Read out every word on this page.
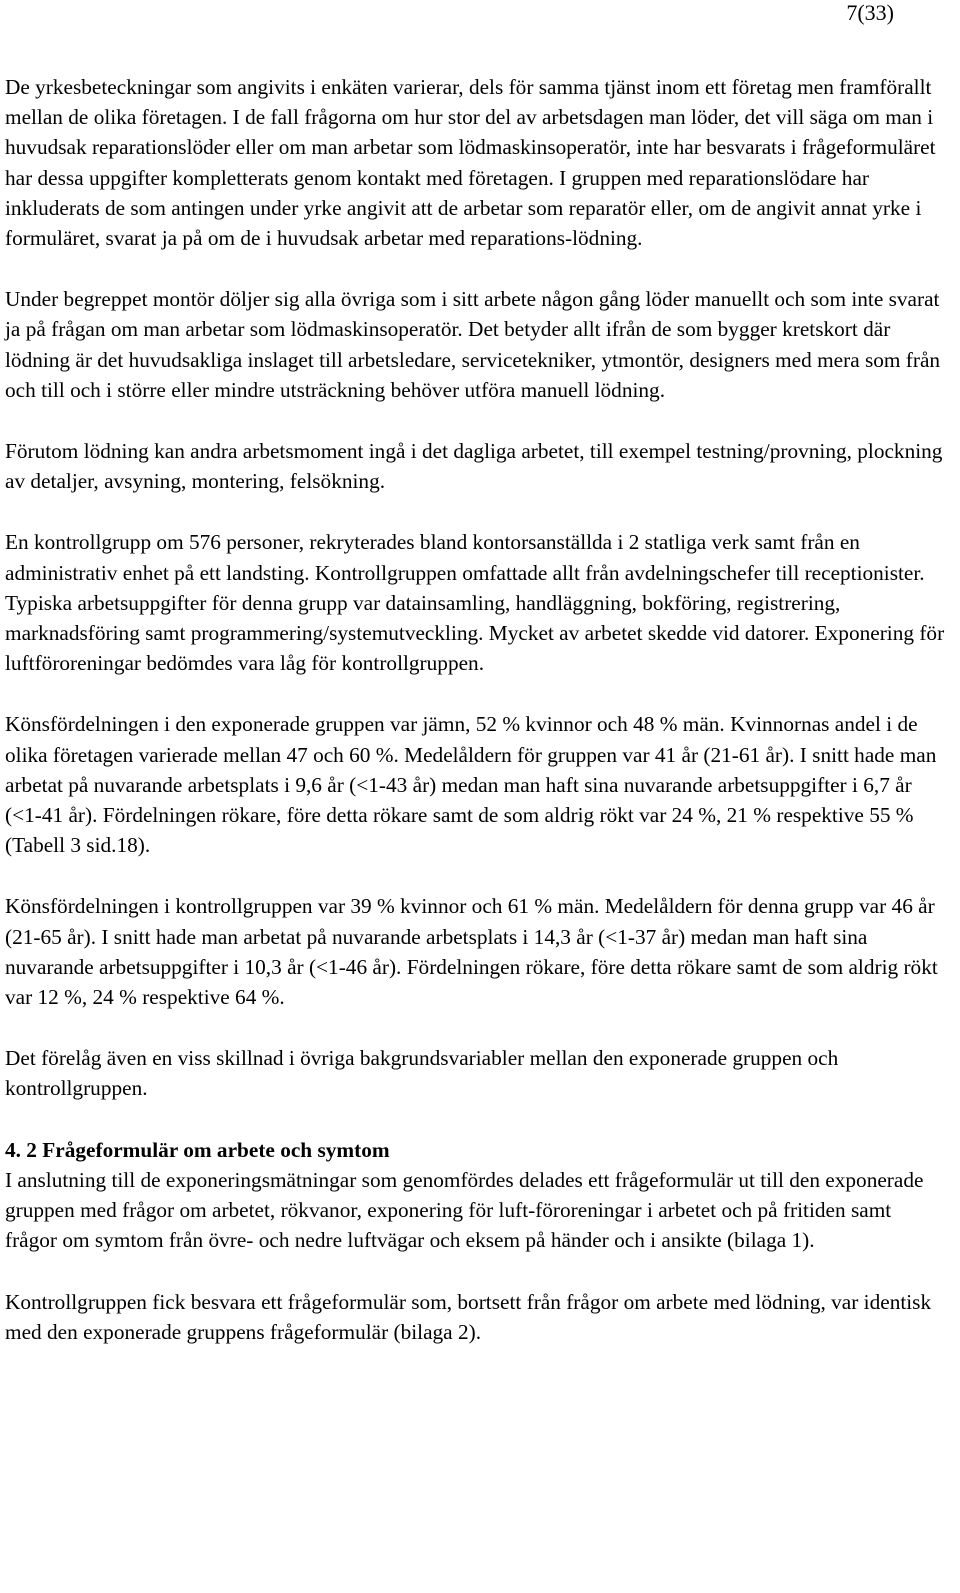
7(33)

De yrkesbeteckningar som angivits i enkäten varierar, dels för samma tjänst inom ett företag men framförallt mellan de olika företagen. I de fall frågorna om hur stor del av arbetsdagen man löder, det vill säga om man i huvudsak reparationslöder eller om man arbetar som lödmaskinsoperatör, inte har besvarats i frågeformuläret har dessa uppgifter kompletterats genom kontakt med företagen. I gruppen med reparationslödare har inkluderats de som antingen under yrke angivit att de arbetar som reparatör eller, om de angivit annat yrke i formuläret, svarat ja på om de i huvudsak arbetar med reparations-lödning.

Under begreppet montör döljer sig alla övriga som i sitt arbete någon gång löder manuellt och som inte svarat ja på frågan om man arbetar som lödmaskinsoperatör. Det betyder allt ifrån de som bygger kretskort där lödning är det huvudsakliga inslaget till arbetsledare, servicetekniker, ytmontör, designers med mera som från och till och i större eller mindre utsträckning behöver utföra manuell lödning.

Förutom lödning kan andra arbetsmoment ingå i det dagliga arbetet, till exempel testning/provning, plockning av detaljer, avsyning, montering, felsökning.

En kontrollgrupp om 576 personer, rekryterades bland kontorsanställda i 2 statliga verk samt från en administrativ enhet på ett landsting. Kontrollgruppen omfattade allt från avdelningschefer till receptionister. Typiska arbetsuppgifter för denna grupp var datainsamling, handläggning, bokföring, registrering, marknadsföring samt programmering/systemutveckling. Mycket av arbetet skedde vid datorer. Exponering för luftföroreningar bedömdes vara låg för kontrollgruppen.

Könsfördelningen i den exponerade gruppen var jämn, 52 % kvinnor och 48 % män. Kvinnornas andel i de olika företagen varierade mellan 47 och 60 %. Medelåldern för gruppen var 41 år (21-61 år). I snitt hade man arbetat på nuvarande arbetsplats i 9,6 år (<1-43 år) medan man haft sina nuvarande arbetsuppgifter i 6,7 år (<1-41 år). Fördelningen rökare, före detta rökare samt de som aldrig rökt var 24 %, 21 % respektive 55 % (Tabell 3 sid.18).

Könsfördelningen i kontrollgruppen var 39 % kvinnor och 61 % män. Medelåldern för denna grupp var 46 år (21-65 år). I snitt hade man arbetat på nuvarande arbetsplats i 14,3 år (<1-37 år) medan man haft sina nuvarande arbetsuppgifter i 10,3 år (<1-46 år). Fördelningen rökare, före detta rökare samt de som aldrig rökt var 12 %, 24 % respektive 64 %.

Det förelåg även en viss skillnad i övriga bakgrundsvariabler mellan den exponerade gruppen och kontrollgruppen.

4. 2 Frågeformulär om arbete och symtom

I anslutning till de exponeringsmätningar som genomfördes delades ett frågeformulär ut till den exponerade gruppen med frågor om arbetet, rökvanor, exponering för luft-föroreningar i arbetet och på fritiden samt frågor om symtom från övre- och nedre luftvägar och eksem på händer och i ansikte (bilaga 1).

Kontrollgruppen fick besvara ett frågeformulär som, bortsett från frågor om arbete med lödning, var identisk med den exponerade gruppens frågeformulär (bilaga 2).
